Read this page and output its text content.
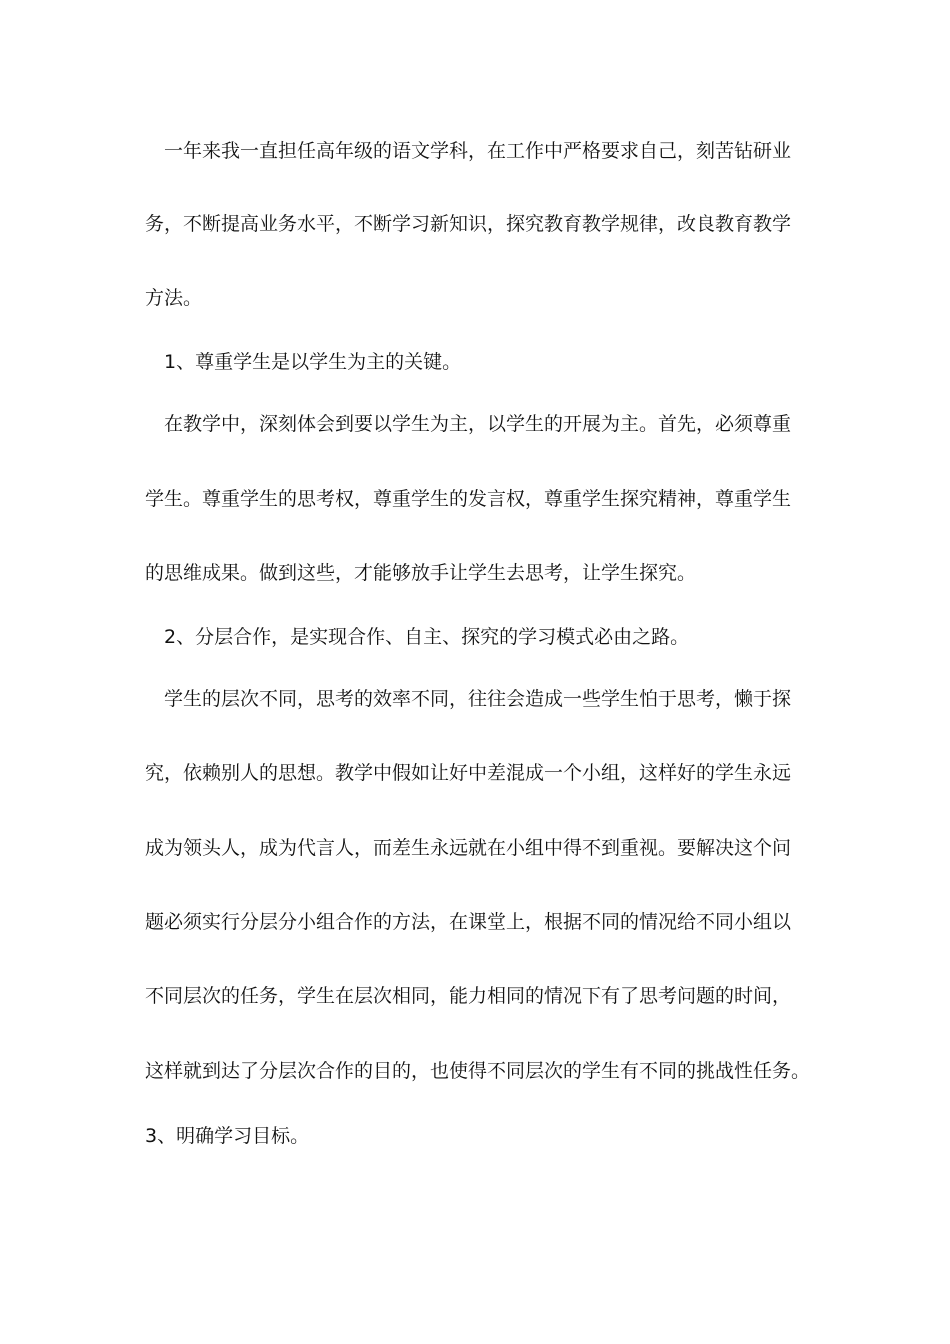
一年来我一直担任高年级的语文学科，在工作中严格要求自己，刻苦钻研业
务，不断提高业务水平，不断学习新知识，探究教育教学规律，改良教育教学
方法。
1、尊重学生是以学生为主的关键。
在教学中，深刻体会到要以学生为主，以学生的开展为主。首先，必须尊重
学生。尊重学生的思考权，尊重学生的发言权，尊重学生探究精神，尊重学生
的思维成果。做到这些，才能够放手让学生去思考，让学生探究。
2、分层合作，是实现合作、自主、探究的学习模式必由之路。
学生的层次不同，思考的效率不同，往往会造成一些学生怕于思考，懒于探
究，依赖别人的思想。教学中假如让好中差混成一个小组，这样好的学生永远
成为领头人，成为代言人，而差生永远就在小组中得不到重视。要解决这个问
题必须实行分层分小组合作的方法，在课堂上，根据不同的情况给不同小组以
不同层次的任务，学生在层次相同，能力相同的情况下有了思考问题的时间，
这样就到达了分层次合作的目的，也使得不同层次的学生有不同的挑战性任务。
3、明确学习目标。
